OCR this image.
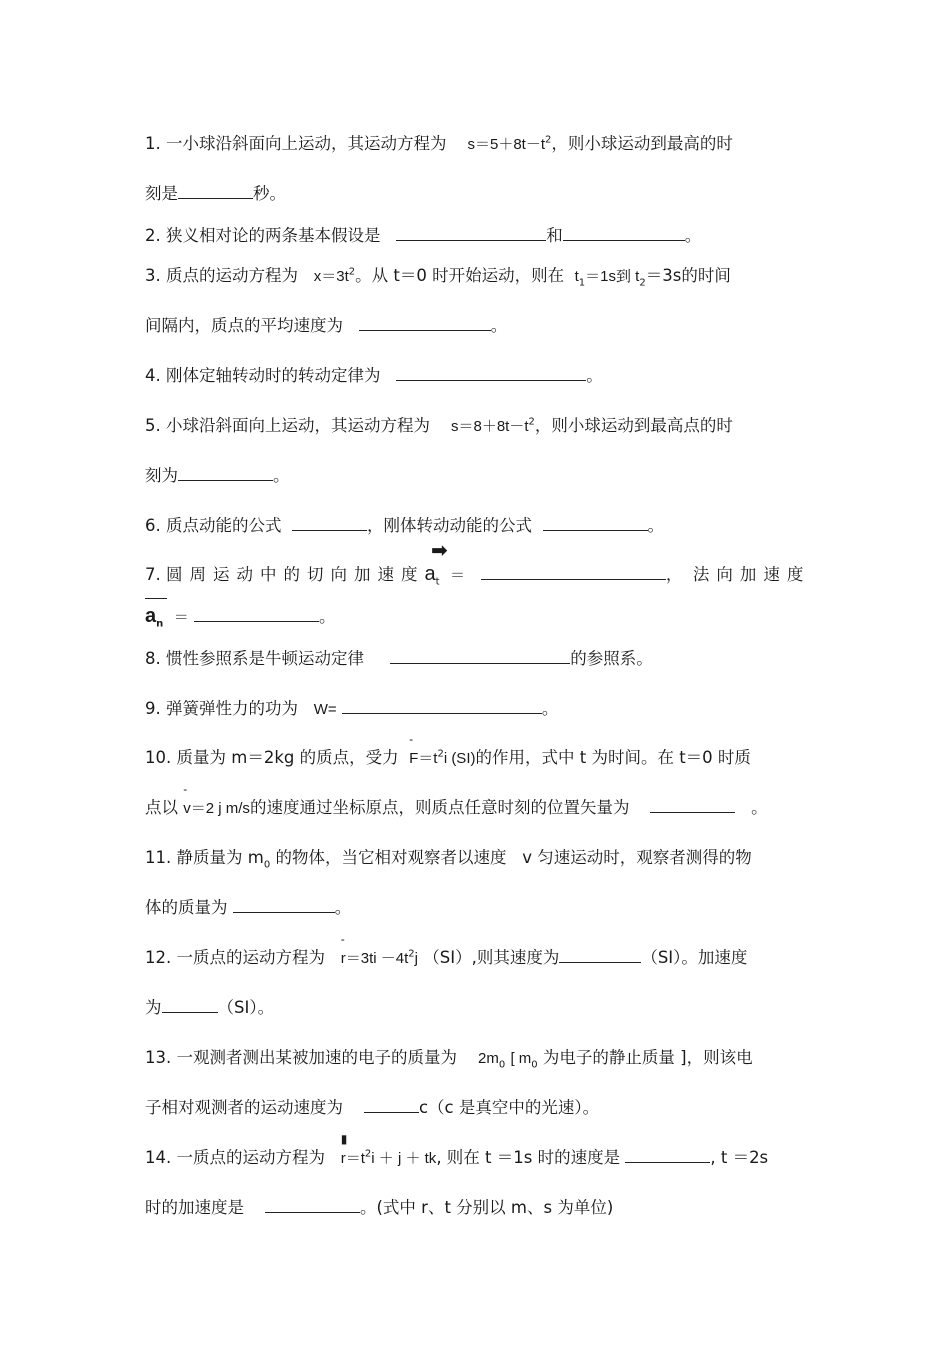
1. 一小球沿斜面向上运动，其运动方程为 $s=5+8t-t^2$，则小球运动到最高的时
刻是	秒。
2. 狭义相对论的两条基本假设是	和	。
3. 质点的运动方程为 $x=3t^2$。从 t＝0 时开始运动，则在 $t_1=1s$到 $t_2=3s$的时间
间隔内，质点的平均速度为	。
4. 刚体定轴转动时的转动定律为	。
5. 小球沿斜面向上运动，其运动方程为 $s=8+8t-t^2$，则小球运动到最高点的时
刻为	。
6. 质点动能的公式	，刚体转动动能的公式	。
➡
7. 圆周运动中的切向加速度$a_t$ ＝	， 法向加速度
$a_n$ ＝	。
8. 惯性参照系是牛顿运动定律	的参照系。
9. 弹簧弹性力的功为 W=	。
10. 质量为 m＝2kg 的质点，受力
-
$F=t^2i$ (SI)的作用，式中 t 为时间。在 t＝0 时质
点以
-
v＝2 j m/s的速度通过坐标原点，则质点任意时刻的位置矢量为	。
11. 静质量为 $m_0$ 的物体，当它相对观察者以速度 v 匀速运动时，观察者测得的物
体的质量为	。
12. 一质点的运动方程为
-
$r=3ti -4t^2j$ （SI）,则其速度为	（SI）。加速度
为	（SI）。
13. 一观测者测出某被加速的电子的质量为 $2m_0$ [ $m_0$ 为电子的静止质量 ]，则该电
子相对观测者的运动速度为	c（c 是真空中的光速）。
14. 一质点的运动方程为
▮
$r=t^2i + j$ ＋ tk, 则在 t ＝1s 时的速度是	, t ＝2s
时的加速度是	。(式中 r、t 分别以 m、s 为单位)
